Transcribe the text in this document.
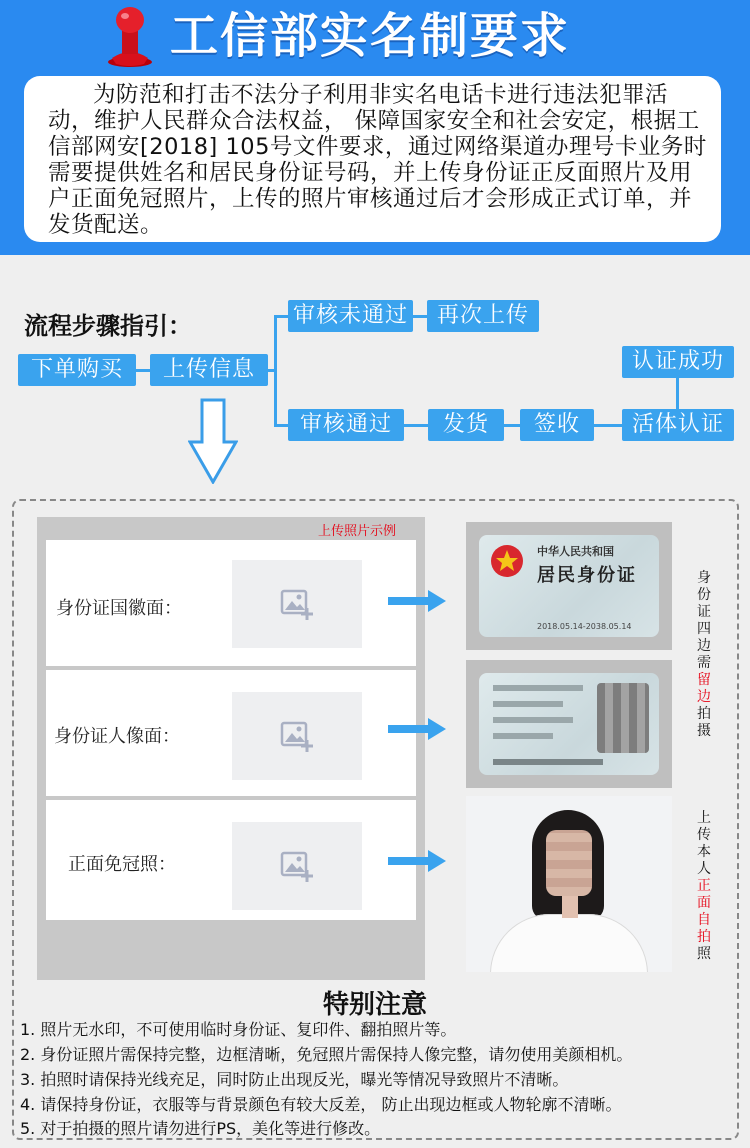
工信部实名制要求

为防范和打击不法分子利用非实名电话卡进行违法犯罪活动，维护人民群众合法权益， 保障国家安全和社会安定，根据工信部网安[2018] 105号文件要求，通过网络渠道办理号卡业务时需要提供姓名和居民身份证号码，并上传身份证正反面照片及用户正面免冠照片，上传的照片审核通过后才会形成正式订单，并发货配送。

流程步骤指引：
下单购买	上传信息
审核未通过	再次上传
审核通过	发货	签收	活体认证
认证成功
上传照片示例
身份证国徽面：
身份证人像面：
正面免冠照：
中华人民共和国
居民身份证
2018.05.14-2038.05.14
身份证四边需留边拍摄
上传本人正面自拍照
特别注意
1. 照片无水印，不可使用临时身份证、复印件、翻拍照片等。
2. 身份证照片需保持完整，边框清晰，免冠照片需保持人像完整，请勿使用美颜相机。
3. 拍照时请保持光线充足，同时防止出现反光，曝光等情况导致照片不清晰。
4. 请保持身份证，衣服等与背景颜色有较大反差， 防止出现边框或人物轮廓不清晰。
5. 对于拍摄的照片请勿进行PS，美化等进行修改。
